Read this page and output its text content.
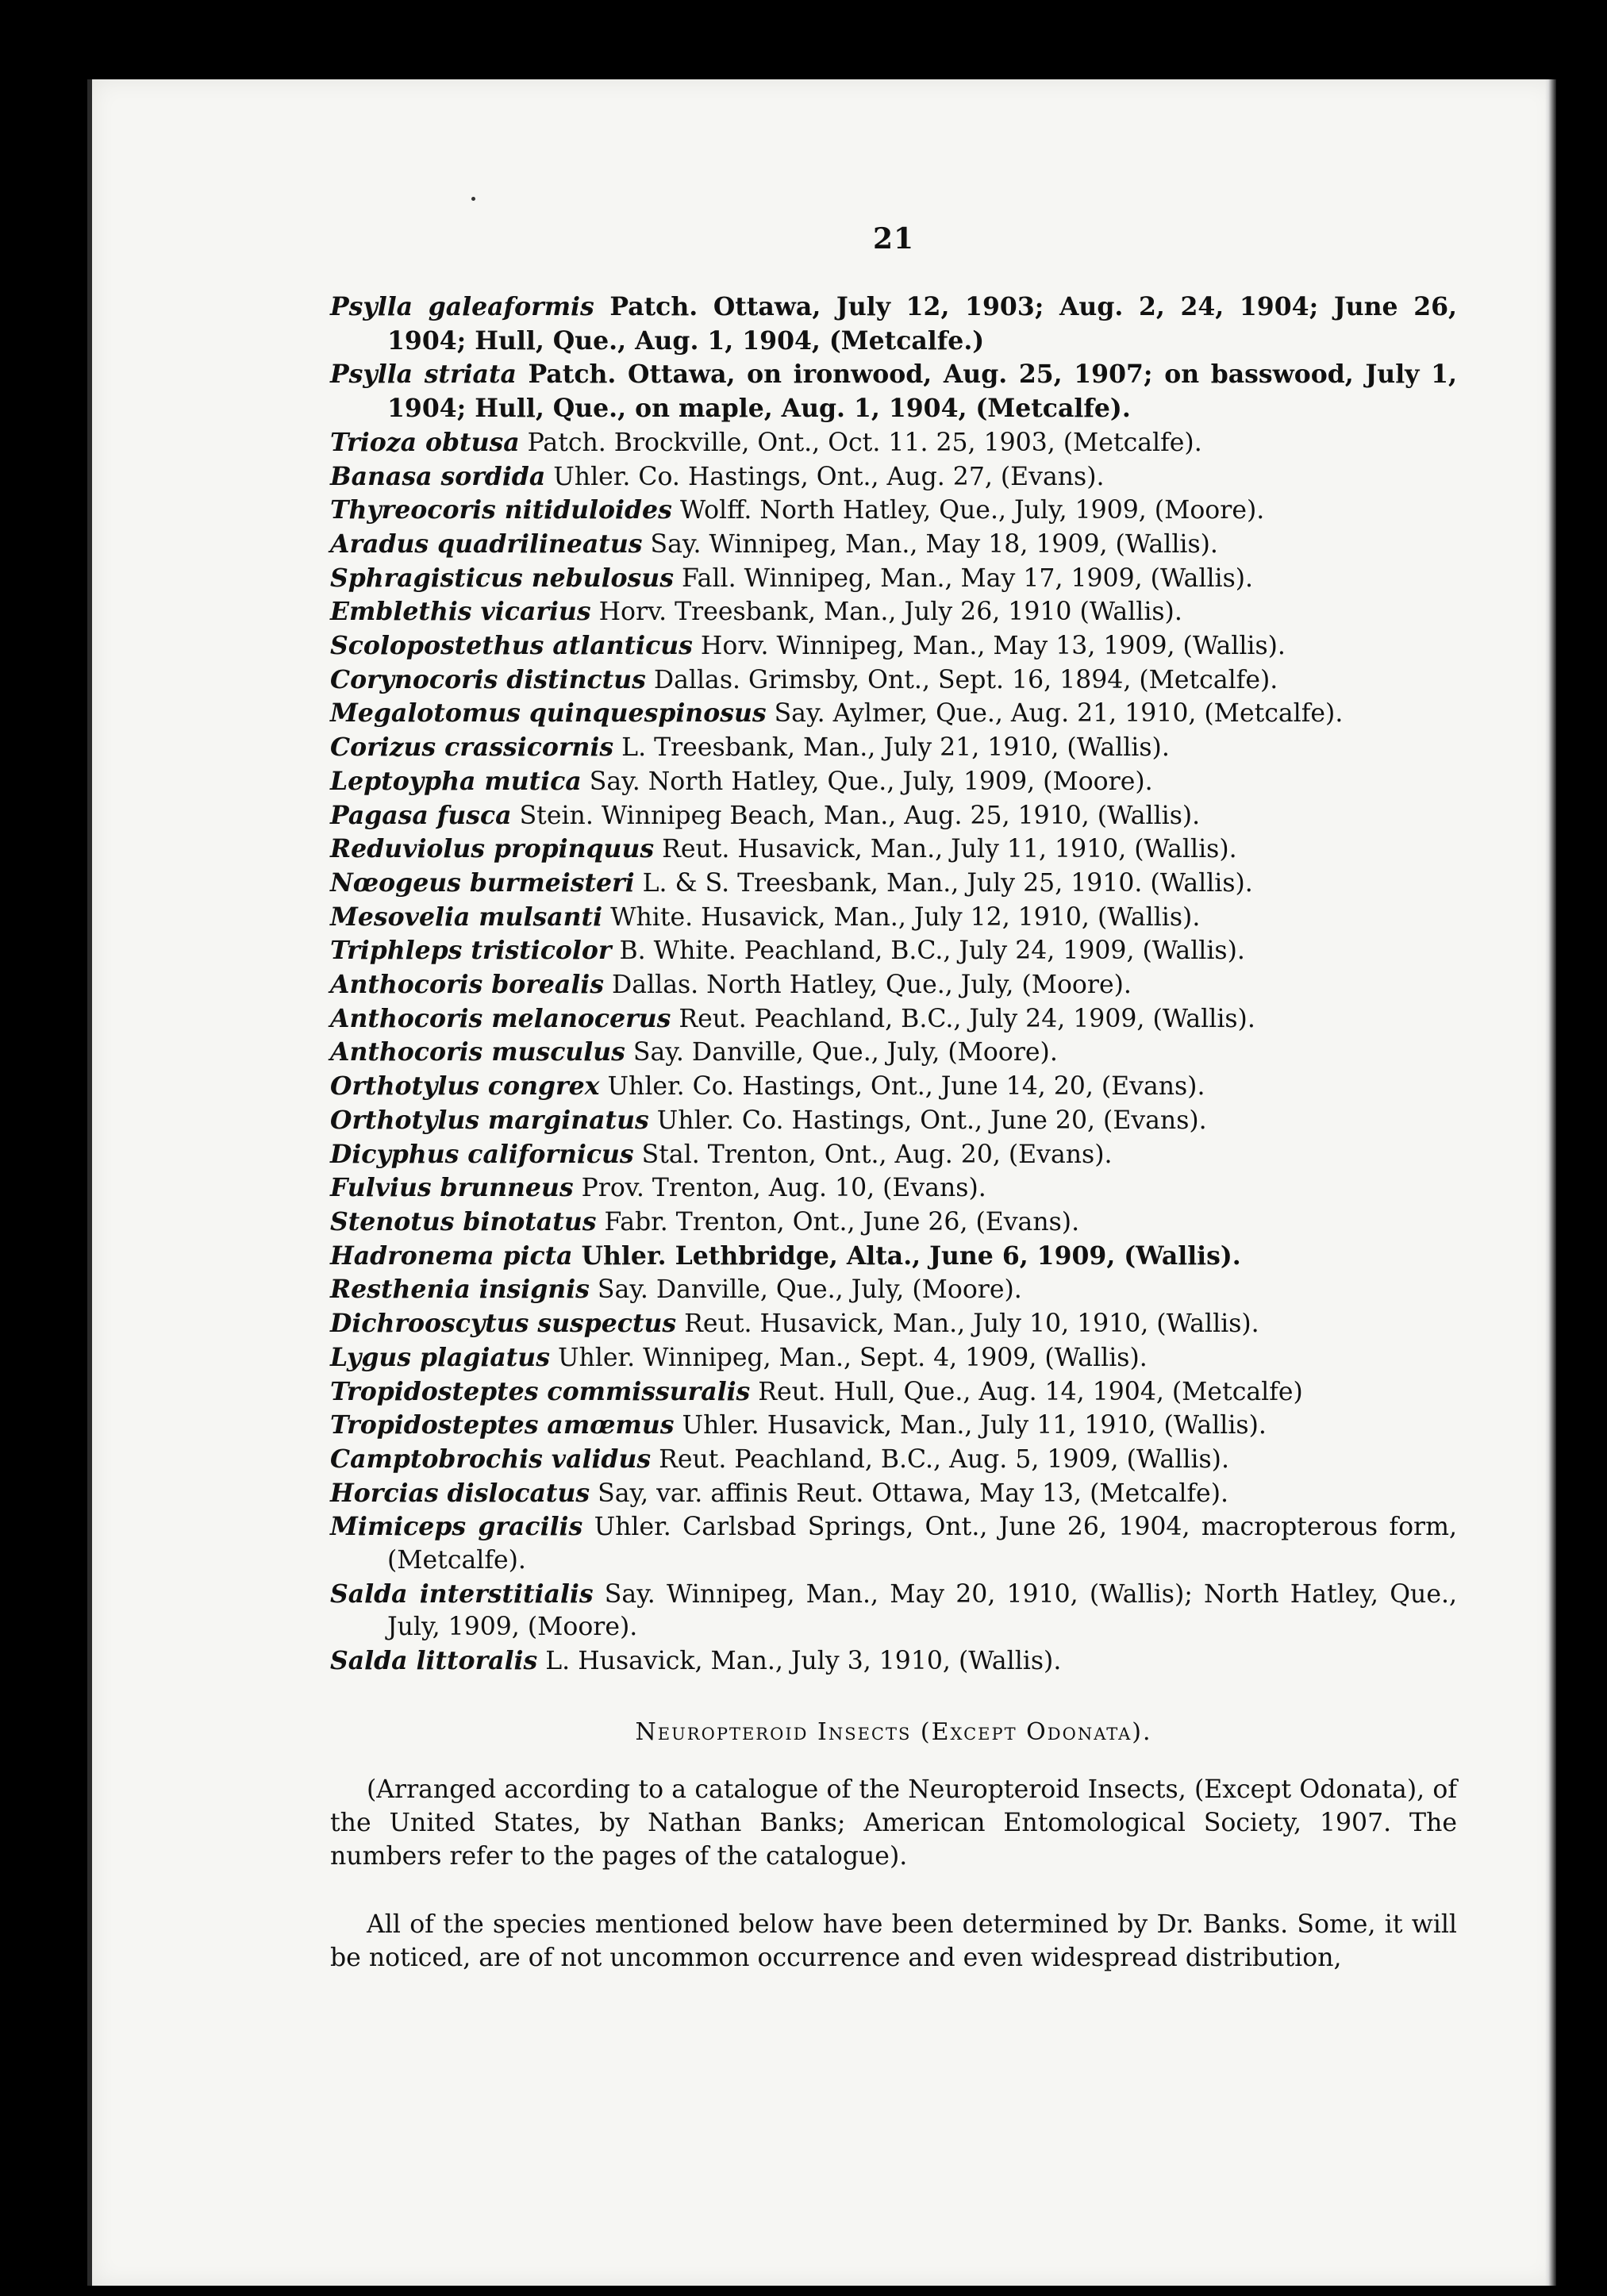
21
Psylla galeaformis Patch. Ottawa, July 12, 1903; Aug. 2, 24, 1904; June 26, 1904; Hull, Que., Aug. 1, 1904, (Metcalfe.)
Psylla striata Patch. Ottawa, on ironwood, Aug. 25, 1907; on basswood, July 1, 1904; Hull, Que., on maple, Aug. 1, 1904, (Metcalfe).
Trioza obtusa Patch. Brockville, Ont., Oct. 11. 25, 1903, (Metcalfe).
Banasa sordida Uhler. Co. Hastings, Ont., Aug. 27, (Evans).
Thyreocoris nitiduloides Wolff. North Hatley, Que., July, 1909, (Moore).
Aradus quadrilineatus Say. Winnipeg, Man., May 18, 1909, (Wallis).
Sphragisticus nebulosus Fall. Winnipeg, Man., May 17, 1909, (Wallis).
Emblethis vicarius Horv. Treesbank, Man., July 26, 1910 (Wallis).
Scolopostethus atlanticus Horv. Winnipeg, Man., May 13, 1909, (Wallis).
Corynocoris distinctus Dallas. Grimsby, Ont., Sept. 16, 1894, (Metcalfe).
Megalotomus quinquespinosus Say. Aylmer, Que., Aug. 21, 1910, (Metcalfe).
Corizus crassicornis L. Treesbank, Man., July 21, 1910, (Wallis).
Leptoypha mutica Say. North Hatley, Que., July, 1909, (Moore).
Pagasa fusca Stein. Winnipeg Beach, Man., Aug. 25, 1910, (Wallis).
Reduviolus propinquus Reut. Husavick, Man., July 11, 1910, (Wallis).
Nœogeus burmeisteri L. & S. Treesbank, Man., July 25, 1910. (Wallis).
Mesovelia mulsanti White. Husavick, Man., July 12, 1910, (Wallis).
Triphleps tristicolor B. White. Peachland, B.C., July 24, 1909, (Wallis).
Anthocoris borealis Dallas. North Hatley, Que., July, (Moore).
Anthocoris melanocerus Reut. Peachland, B.C., July 24, 1909, (Wallis).
Anthocoris musculus Say. Danville, Que., July, (Moore).
Orthotylus congrex Uhler. Co. Hastings, Ont., June 14, 20, (Evans).
Orthotylus marginatus Uhler. Co. Hastings, Ont., June 20, (Evans).
Dicyphus californicus Stal. Trenton, Ont., Aug. 20, (Evans).
Fulvius brunneus Prov. Trenton, Aug. 10, (Evans).
Stenotus binotatus Fabr. Trenton, Ont., June 26, (Evans).
Hadronema picta Uhler. Lethbridge, Alta., June 6, 1909, (Wallis).
Resthenia insignis Say. Danville, Que., July, (Moore).
Dichrooscytus suspectus Reut. Husavick, Man., July 10, 1910, (Wallis).
Lygus plagiatus Uhler. Winnipeg, Man., Sept. 4, 1909, (Wallis).
Tropidosteptes commissuralis Reut. Hull, Que., Aug. 14, 1904, (Metcalfe)
Tropidosteptes amœmus Uhler. Husavick, Man., July 11, 1910, (Wallis).
Camptobrochis validus Reut. Peachland, B.C., Aug. 5, 1909, (Wallis).
Horcias dislocatus Say, var. affinis Reut. Ottawa, May 13, (Metcalfe).
Mimiceps gracilis Uhler. Carlsbad Springs, Ont., June 26, 1904, macropterous form, (Metcalfe).
Salda interstitialis Say. Winnipeg, Man., May 20, 1910, (Wallis); North Hatley, Que., July, 1909, (Moore).
Salda littoralis L. Husavick, Man., July 3, 1910, (Wallis).
Neuropteroid Insects (Except Odonata).

(Arranged according to a catalogue of the Neuropteroid Insects, (Except Odonata), of the United States, by Nathan Banks; American Entomological Society, 1907. The numbers refer to the pages of the catalogue).

All of the species mentioned below have been determined by Dr. Banks. Some, it will be noticed, are of not uncommon occurrence and even widespread distribution,
